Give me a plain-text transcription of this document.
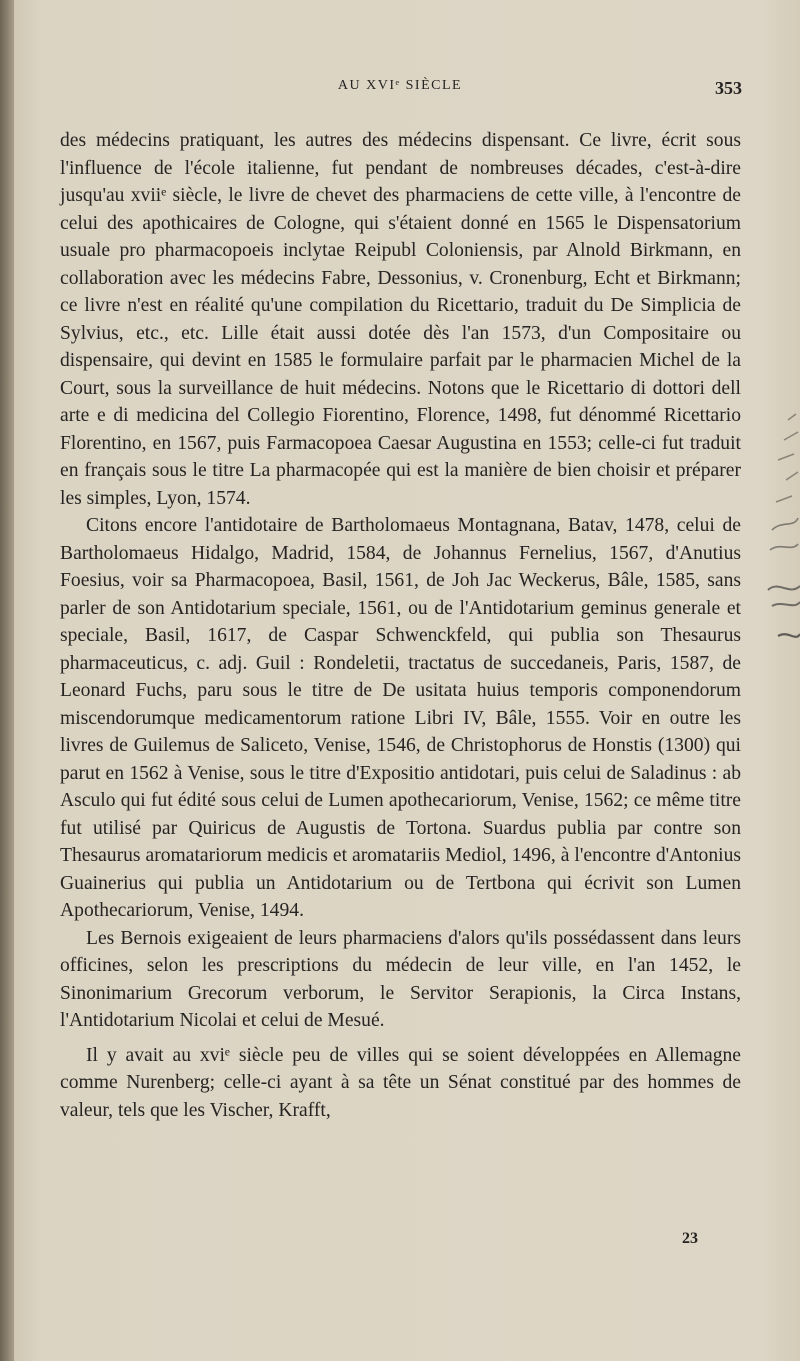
AU XVIᵉ SIÈCLE	353

des médecins pratiquant, les autres des médecins dispensant. Ce livre, écrit sous l'influence de l'école italienne, fut pendant de nombreuses décades, c'est-à-dire jusqu'au xviiᵉ siècle, le livre de chevet des pharmaciens de cette ville, à l'encontre de celui des apothicaires de Cologne, qui s'étaient donné en 1565 le Dispensatorium usuale pro pharmacopoeis inclytae Reipubl Coloniensis, par Alnold Birkmann, en collaboration avec les médecins Fabre, Dessonius, v. Cronenburg, Echt et Birkmann; ce livre n'est en réalité qu'une compilation du Ricettario, traduit du De Simplicia de Sylvius, etc., etc. Lille était aussi dotée dès l'an 1573, d'un Compositaire ou dispensaire, qui devint en 1585 le formulaire parfait par le pharmacien Michel de la Court, sous la surveillance de huit médecins. Notons que le Ricettario di dottori dell arte e di medicina del Collegio Fiorentino, Florence, 1498, fut dénommé Ricettario Florentino, en 1567, puis Farmacopoea Caesar Augustina en 1553; celle-ci fut traduit en français sous le titre La pharmacopée qui est la manière de bien choisir et préparer les simples, Lyon, 1574.

Citons encore l'antidotaire de Bartholomaeus Montagnana, Batav, 1478, celui de Bartholomaeus Hidalgo, Madrid, 1584, de Johannus Fernelius, 1567, d'Anutius Foesius, voir sa Pharmacopoea, Basil, 1561, de Joh Jac Weckerus, Bâle, 1585, sans parler de son Antidotarium speciale, 1561, ou de l'Antidotarium geminus generale et speciale, Basil, 1617, de Caspar Schwenckfeld, qui publia son Thesaurus pharmaceuticus, c. adj. Guil : Rondeletii, tractatus de succedaneis, Paris, 1587, de Leonard Fuchs, paru sous le titre de De usitata huius temporis componendorum miscendorumque medicamentorum ratione Libri IV, Bâle, 1555. Voir en outre les livres de Guilemus de Saliceto, Venise, 1546, de Christophorus de Honstis (1300) qui parut en 1562 à Venise, sous le titre d'Expositio antidotari, puis celui de Saladinus : ab Asculo qui fut édité sous celui de Lumen apothecariorum, Venise, 1562; ce même titre fut utilisé par Quiricus de Augustis de Tortona. Suardus publia par contre son Thesaurus aromatariorum medicis et aromatariis Mediol, 1496, à l'encontre d'Antonius Guainerius qui publia un Antidotarium ou de Tertbona qui écrivit son Lumen Apothecariorum, Venise, 1494.

Les Bernois exigeaient de leurs pharmaciens d'alors qu'ils possédassent dans leurs officines, selon les prescriptions du médecin de leur ville, en l'an 1452, le Sinonimarium Grecorum verborum, le Servitor Serapionis, la Circa Instans, l'Antidotarium Nicolai et celui de Mesué.

Il y avait au xviᵉ siècle peu de villes qui se soient développées en Allemagne comme Nurenberg; celle-ci ayant à sa tête un Sénat constitué par des hommes de valeur, tels que les Vischer, Krafft,

23
